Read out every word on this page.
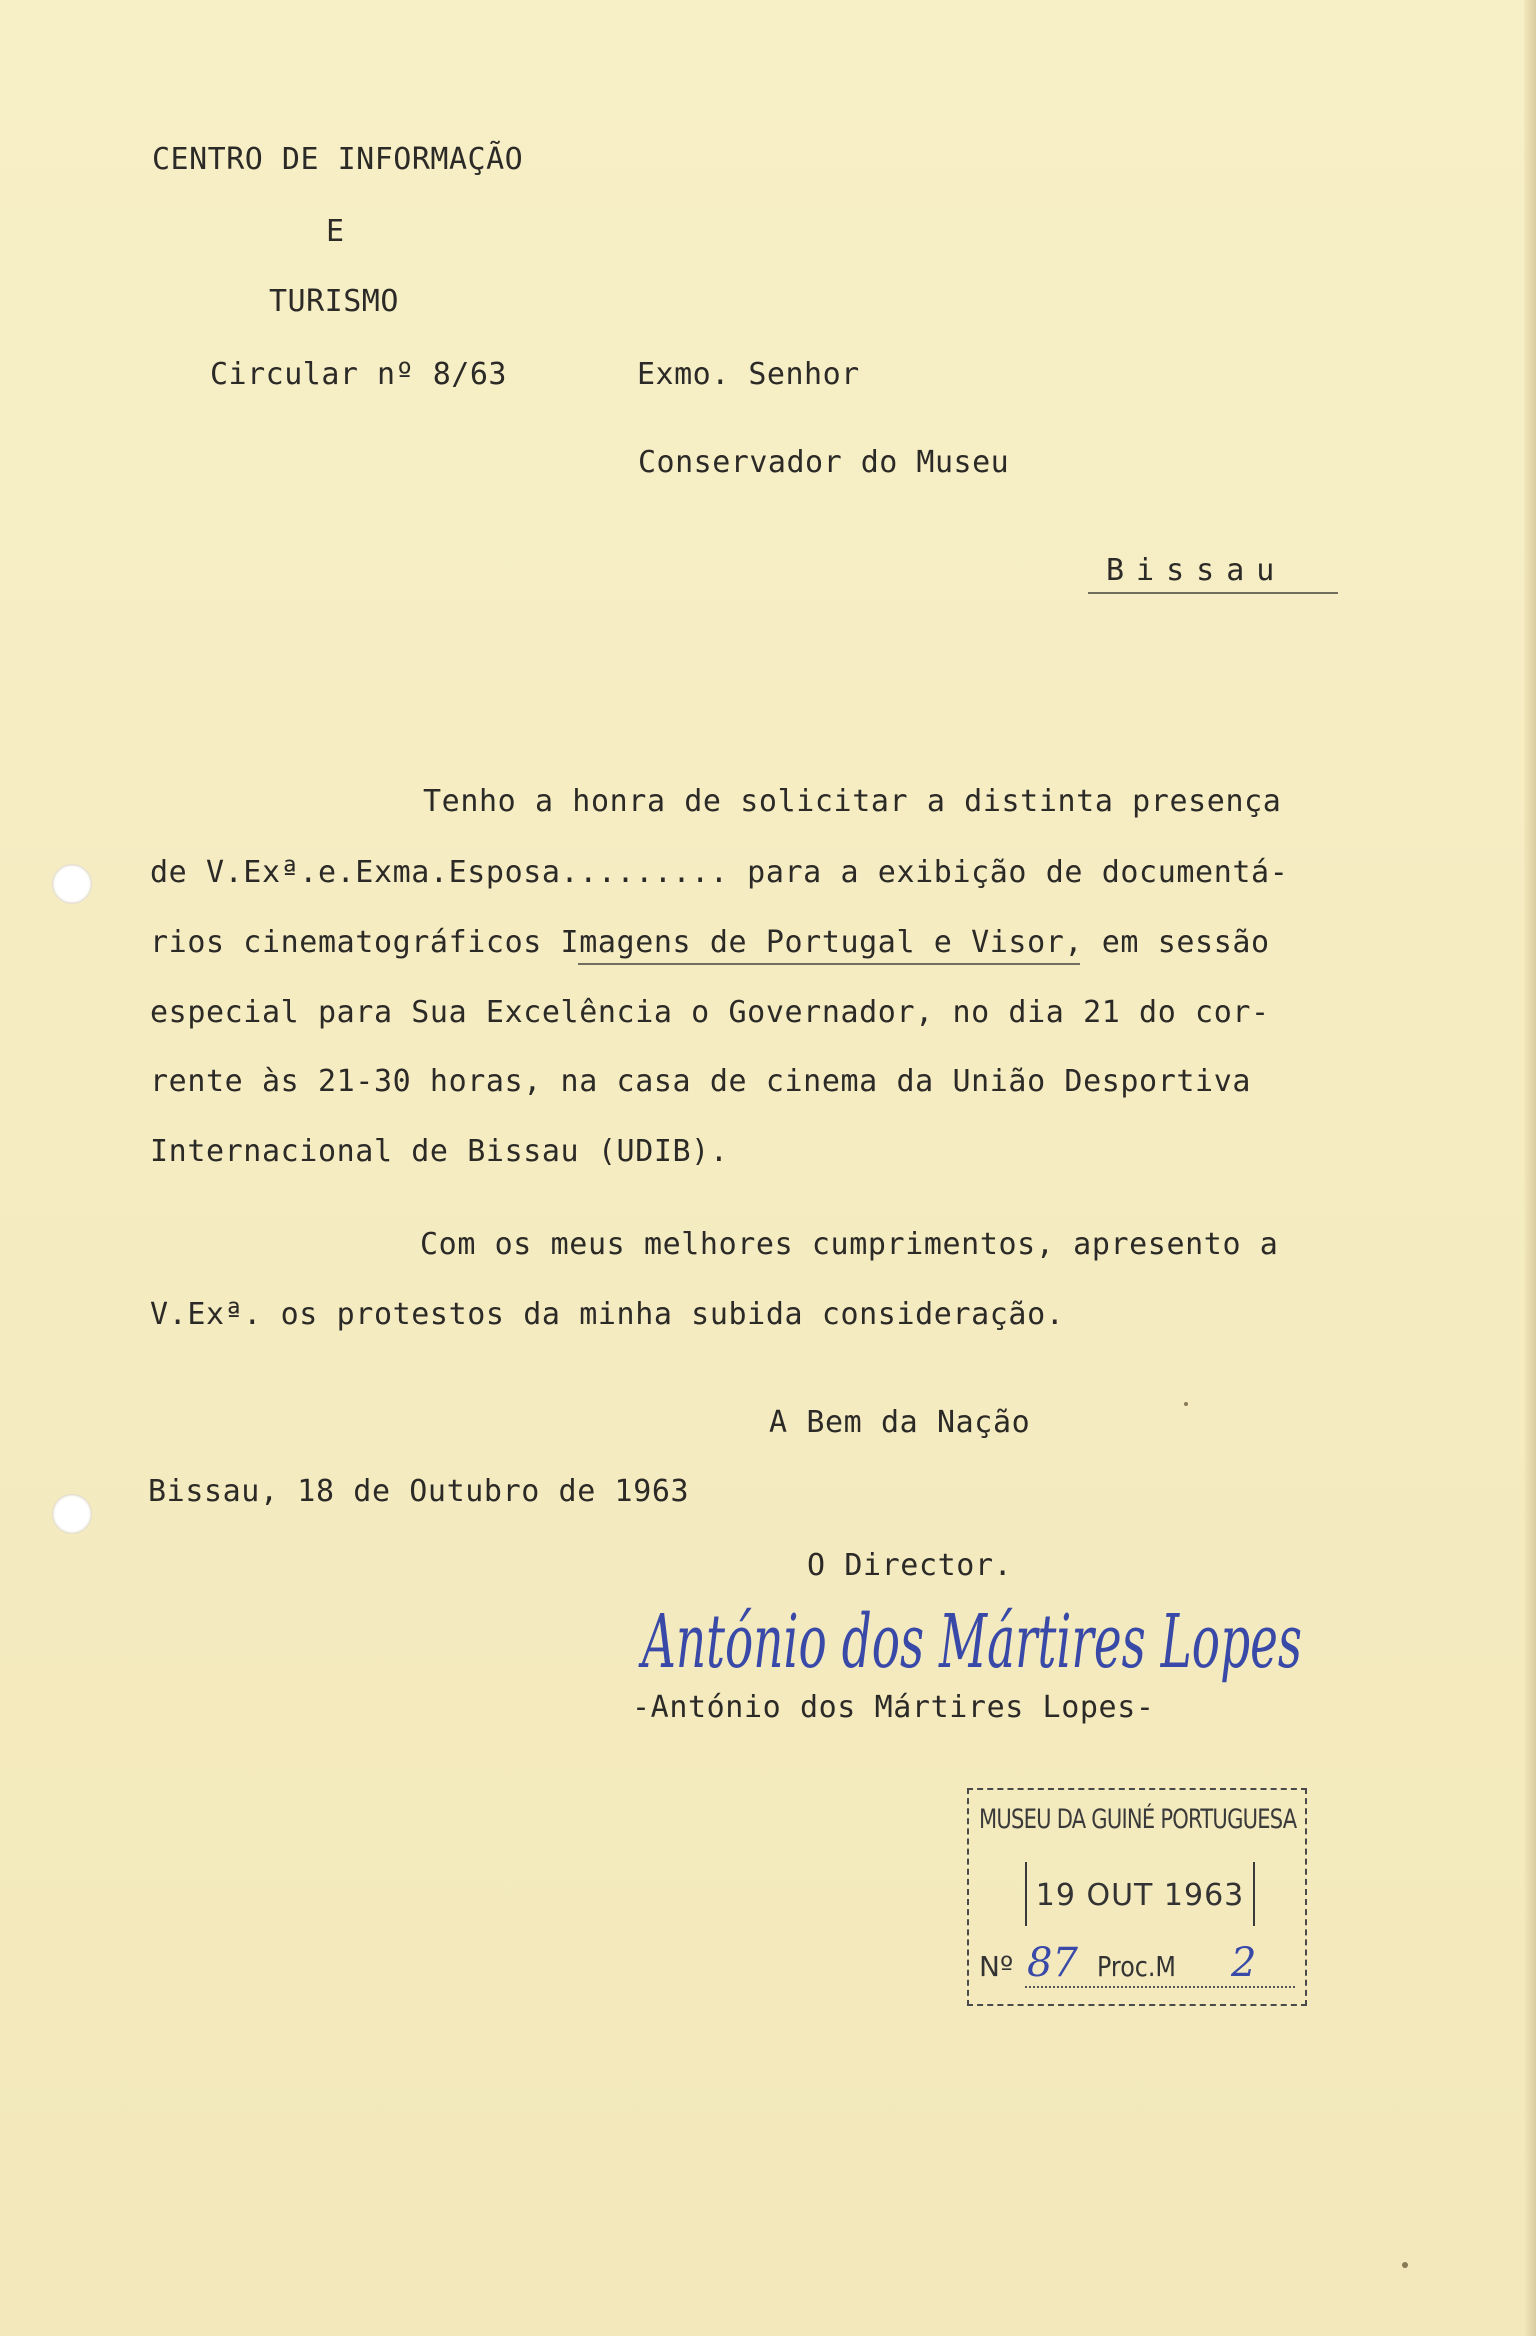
CENTRO DE INFORMAÇÃO
E
TURISMO
Circular nº 8/63	Exmo. Senhor
Conservador do Museu
Bissau
Tenho a honra de solicitar a distinta presença
de V.Exª.e.Exma.Esposa......... para a exibição de documentá-
rios cinematográficos Imagens de Portugal e Visor, em sessão
especial para Sua Excelência o Governador, no dia 21 do cor-
rente às 21-30 horas, na casa de cinema da União Desportiva
Internacional de Bissau (UDIB).
Com os meus melhores cumprimentos, apresento a
V.Exª. os protestos da minha subida consideração.
A Bem da Nação
Bissau, 18 de Outubro de 1963
O Director.
António dos Mártires Lopes
-António dos Mártires Lopes-
MUSEU DA GUINÉ PORTUGUESA
19 OUT 1963
Nº 87 Proc.M 2
